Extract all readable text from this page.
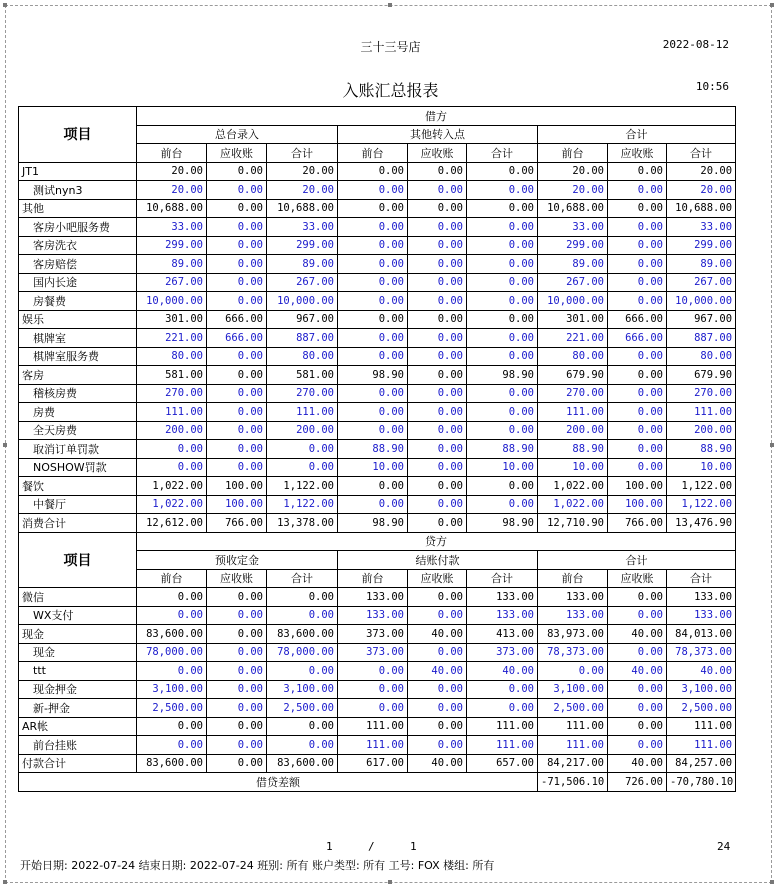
三十三号店	2022-08-12
入账汇总报表	10:56
项目	借方								
	总台录入			其他转入点			合计		
	前台	应收账	合计	前台	应收账	合计	前台	应收账	合计
JT1	20.00	0.00	20.00	0.00	0.00	0.00	20.00	0.00	20.00
测试nyn3	20.00	0.00	20.00	0.00	0.00	0.00	20.00	0.00	20.00
其他	10,688.00	0.00	10,688.00	0.00	0.00	0.00	10,688.00	0.00	10,688.00
客房小吧服务费	33.00	0.00	33.00	0.00	0.00	0.00	33.00	0.00	33.00
客房洗衣	299.00	0.00	299.00	0.00	0.00	0.00	299.00	0.00	299.00
客房赔偿	89.00	0.00	89.00	0.00	0.00	0.00	89.00	0.00	89.00
国内长途	267.00	0.00	267.00	0.00	0.00	0.00	267.00	0.00	267.00
房餐费	10,000.00	0.00	10,000.00	0.00	0.00	0.00	10,000.00	0.00	10,000.00
娱乐	301.00	666.00	967.00	0.00	0.00	0.00	301.00	666.00	967.00
棋牌室	221.00	666.00	887.00	0.00	0.00	0.00	221.00	666.00	887.00
棋牌室服务费	80.00	0.00	80.00	0.00	0.00	0.00	80.00	0.00	80.00
客房	581.00	0.00	581.00	98.90	0.00	98.90	679.90	0.00	679.90
稽核房费	270.00	0.00	270.00	0.00	0.00	0.00	270.00	0.00	270.00
房费	111.00	0.00	111.00	0.00	0.00	0.00	111.00	0.00	111.00
全天房费	200.00	0.00	200.00	0.00	0.00	0.00	200.00	0.00	200.00
取消订单罚款	0.00	0.00	0.00	88.90	0.00	88.90	88.90	0.00	88.90
NOSHOW罚款	0.00	0.00	0.00	10.00	0.00	10.00	10.00	0.00	10.00
餐饮	1,022.00	100.00	1,122.00	0.00	0.00	0.00	1,022.00	100.00	1,122.00
中餐厅	1,022.00	100.00	1,122.00	0.00	0.00	0.00	1,022.00	100.00	1,122.00
消费合计	12,612.00	766.00	13,378.00	98.90	0.00	98.90	12,710.90	766.00	13,476.90
项目	贷方								
	预收定金			结账付款			合计		
	前台	应收账	合计	前台	应收账	合计	前台	应收账	合计
微信	0.00	0.00	0.00	133.00	0.00	133.00	133.00	0.00	133.00
WX支付	0.00	0.00	0.00	133.00	0.00	133.00	133.00	0.00	133.00
现金	83,600.00	0.00	83,600.00	373.00	40.00	413.00	83,973.00	40.00	84,013.00
现金	78,000.00	0.00	78,000.00	373.00	0.00	373.00	78,373.00	0.00	78,373.00
ttt	0.00	0.00	0.00	0.00	40.00	40.00	0.00	40.00	40.00
现金押金	3,100.00	0.00	3,100.00	0.00	0.00	0.00	3,100.00	0.00	3,100.00
新-押金	2,500.00	0.00	2,500.00	0.00	0.00	0.00	2,500.00	0.00	2,500.00
AR帐	0.00	0.00	0.00	111.00	0.00	111.00	111.00	0.00	111.00
前台挂账	0.00	0.00	0.00	111.00	0.00	111.00	111.00	0.00	111.00
付款合计	83,600.00	0.00	83,600.00	617.00	40.00	657.00	84,217.00	40.00	84,257.00
借贷差额							-71,506.10	726.00	-70,780.10
1	/	1	24
开始日期: 2022-07-24 结束日期: 2022-07-24 班别: 所有 账户类型: 所有 工号: FOX 楼组: 所有
